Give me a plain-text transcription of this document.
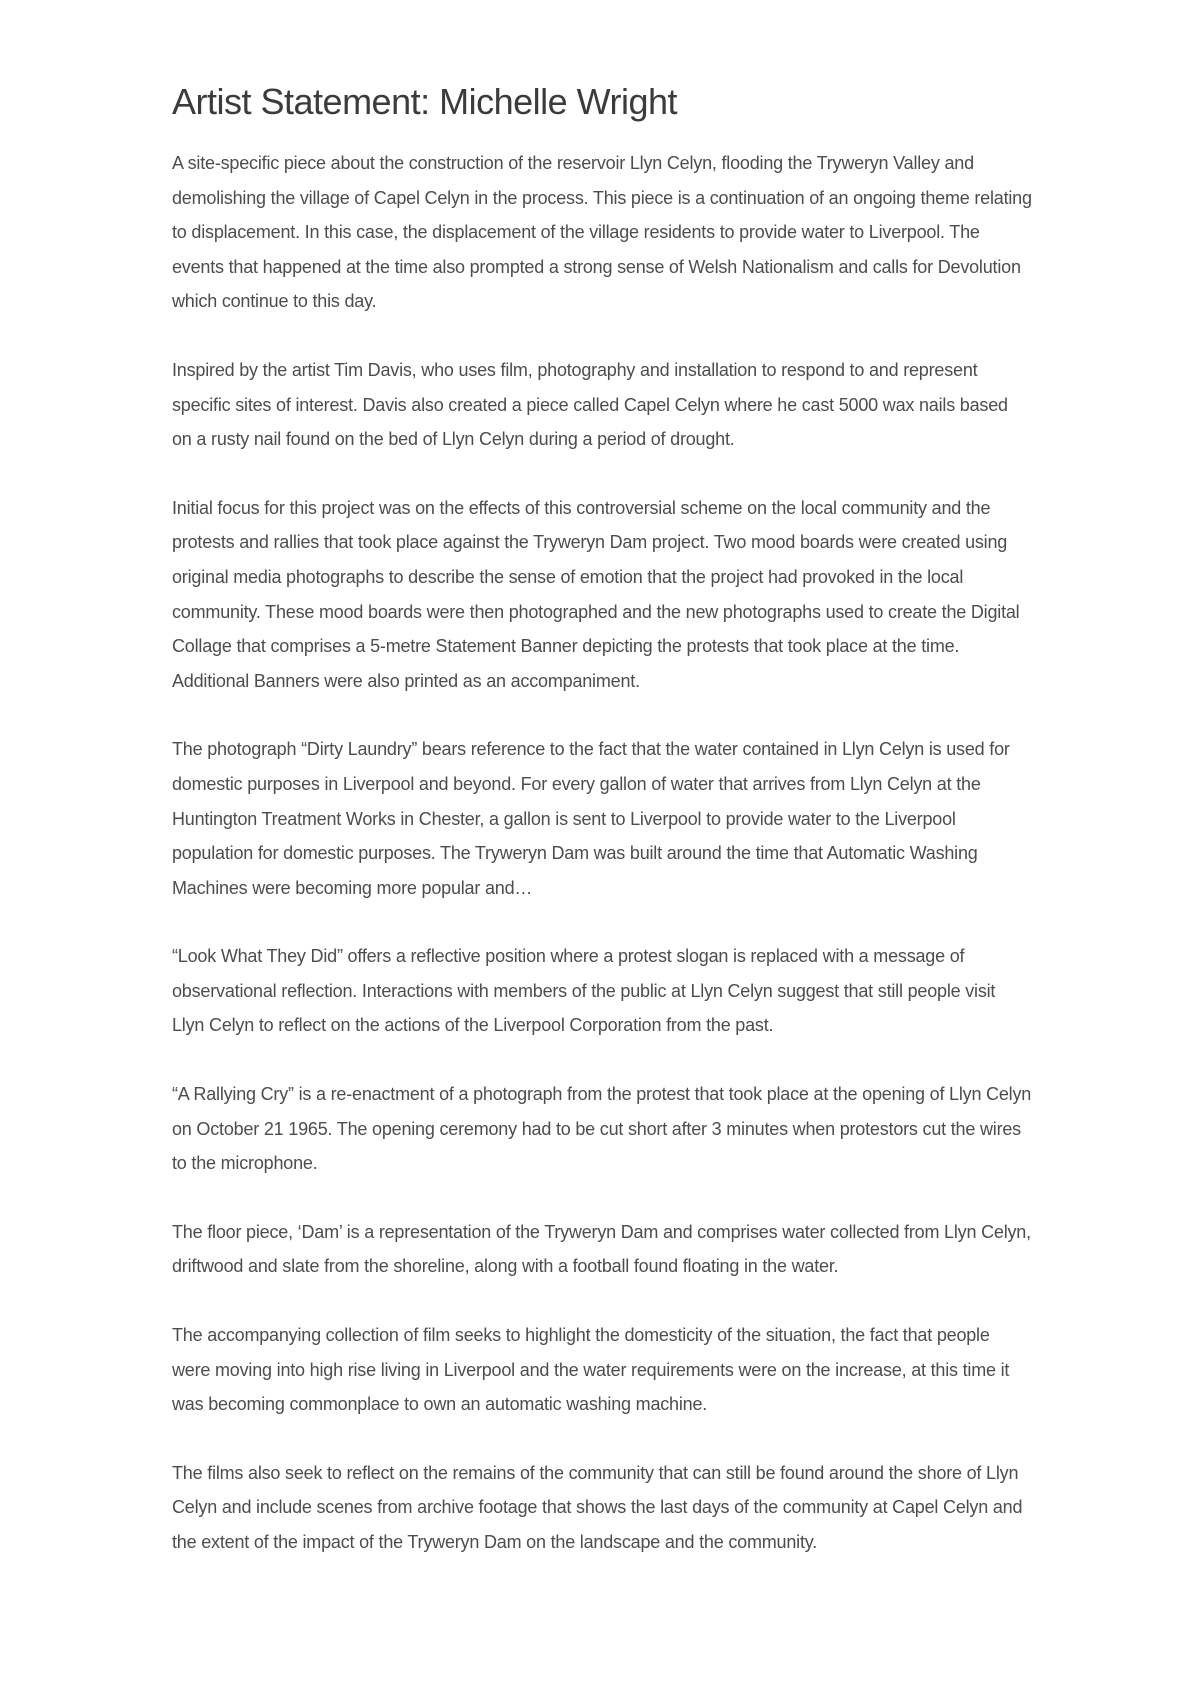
Artist Statement: Michelle Wright

A site-specific piece about the construction of the reservoir Llyn Celyn, flooding the Tryweryn Valley and demolishing the village of Capel Celyn in the process. This piece is a continuation of an ongoing theme relating to displacement. In this case, the displacement of the village residents to provide water to Liverpool. The events that happened at the time also prompted a strong sense of Welsh Nationalism and calls for Devolution which continue to this day.

Inspired by the artist Tim Davis, who uses film, photography and installation to respond to and represent specific sites of interest. Davis also created a piece called Capel Celyn where he cast 5000 wax nails based on a rusty nail found on the bed of Llyn Celyn during a period of drought.

Initial focus for this project was on the effects of this controversial scheme on the local community and the protests and rallies that took place against the Tryweryn Dam project. Two mood boards were created using original media photographs to describe the sense of emotion that the project had provoked in the local community. These mood boards were then photographed and the new photographs used to create the Digital Collage that comprises a 5-metre Statement Banner depicting the protests that took place at the time. Additional Banners were also printed as an accompaniment.

The photograph “Dirty Laundry” bears reference to the fact that the water contained in Llyn Celyn is used for domestic purposes in Liverpool and beyond. For every gallon of water that arrives from Llyn Celyn at the Huntington Treatment Works in Chester, a gallon is sent to Liverpool to provide water to the Liverpool population for domestic purposes. The Tryweryn Dam was built around the time that Automatic Washing Machines were becoming more popular and…

“Look What They Did” offers a reflective position where a protest slogan is replaced with a message of observational reflection. Interactions with members of the public at Llyn Celyn suggest that still people visit Llyn Celyn to reflect on the actions of the Liverpool Corporation from the past.

“A Rallying Cry” is a re-enactment of a photograph from the protest that took place at the opening of Llyn Celyn on October 21 1965. The opening ceremony had to be cut short after 3 minutes when protestors cut the wires to the microphone.

The floor piece, ‘Dam’ is a representation of the Tryweryn Dam and comprises water collected from Llyn Celyn, driftwood and slate from the shoreline, along with a football found floating in the water.

The accompanying collection of film seeks to highlight the domesticity of the situation, the fact that people were moving into high rise living in Liverpool and the water requirements were on the increase, at this time it was becoming commonplace to own an automatic washing machine.

The films also seek to reflect on the remains of the community that can still be found around the shore of Llyn Celyn and include scenes from archive footage that shows the last days of the community at Capel Celyn and the extent of the impact of the Tryweryn Dam on the landscape and the community.
